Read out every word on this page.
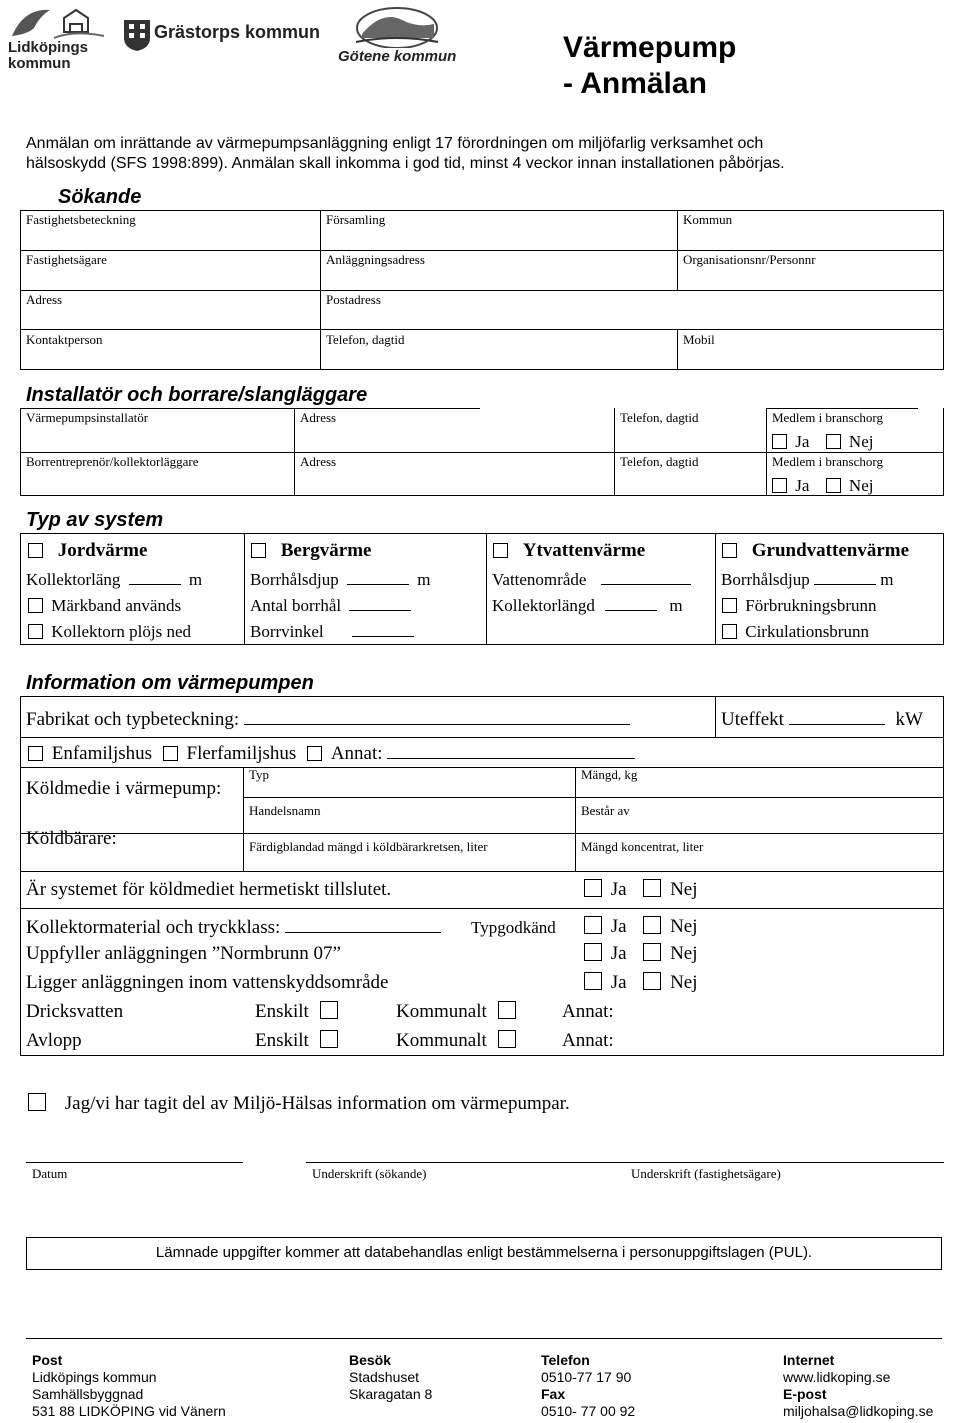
Lidköpings
kommun
Grästorps kommun
Götene kommun	Värmepump
- Anmälan
Anmälan om inrättande av värmepumpsanläggning enligt 17 förordningen om miljöfarlig verksamhet och
hälsoskydd (SFS 1998:899). Anmälan skall inkomma i god tid, minst 4 veckor innan installationen påbörjas.
Sökande
Fastighetsbeteckning	Församling	Kommun
Fastighetsägare	Anläggningsadress	Organisationsnr/Personnr
Adress	Postadress
Kontaktperson	Telefon, dagtid	Mobil
Installatör och borrare/slangläggare
Värmepumpsinstallatör	Adress	Telefon, dagtid	Medlem i branschorg
Ja Nej
Borrentreprenör/kollektorläggare	Adress	Telefon, dagtid	Medlem i branschorg
Ja Nej
Typ av system
Jordvärme
Kollektorläng	m
Märkband används
Kollektorn plöjs ned
Bergvärme
Borrhålsdjup	m
Antal borrhål
Borrvinkel
Ytvattenvärme
Vattenområde
Kollektorlängd	m
Grundvattenvärme
Borrhålsdjup	m
Förbrukningsbrunn
Cirkulationsbrunn
Information om värmepumpen
Fabrikat och typbeteckning:	Uteffekt	kW
Enfamiljshus Flerfamiljshus Annat:
Köldmedie i värmepump:
Typ	Mängd, kg
Köldbärare:
Handelsnamn	Består av
Färdigblandad mängd i köldbärarkretsen, liter	Mängd koncentrat, liter
Är systemet för köldmediet hermetiskt tillslutet.	Ja Nej
Kollektormaterial och tryckklass:	Typgodkänd	Ja Nej
Uppfyller anläggningen ”Normbrunn 07”	Ja Nej
Ligger anläggningen inom vattenskyddsområde	Ja Nej
Dricksvatten	Enskilt	Kommunalt	Annat:
Avlopp	Enskilt	Kommunalt	Annat:
Jag/vi har tagit del av Miljö-Hälsas information om värmepumpar.
Datum	Underskrift (sökande)	Underskrift (fastighetsägare)
Lämnade uppgifter kommer att databehandlas enligt bestämmelserna i personuppgiftslagen (PUL).
Post
Lidköpings kommun
Samhällsbyggnad
531 88 LIDKÖPING vid Vänern
Besök
Stadshuset
Skaragatan 8
Telefon
0510-77 17 90
Fax
0510- 77 00 92
Internet
www.lidkoping.se
E-post
miljohalsa@lidkoping.se
